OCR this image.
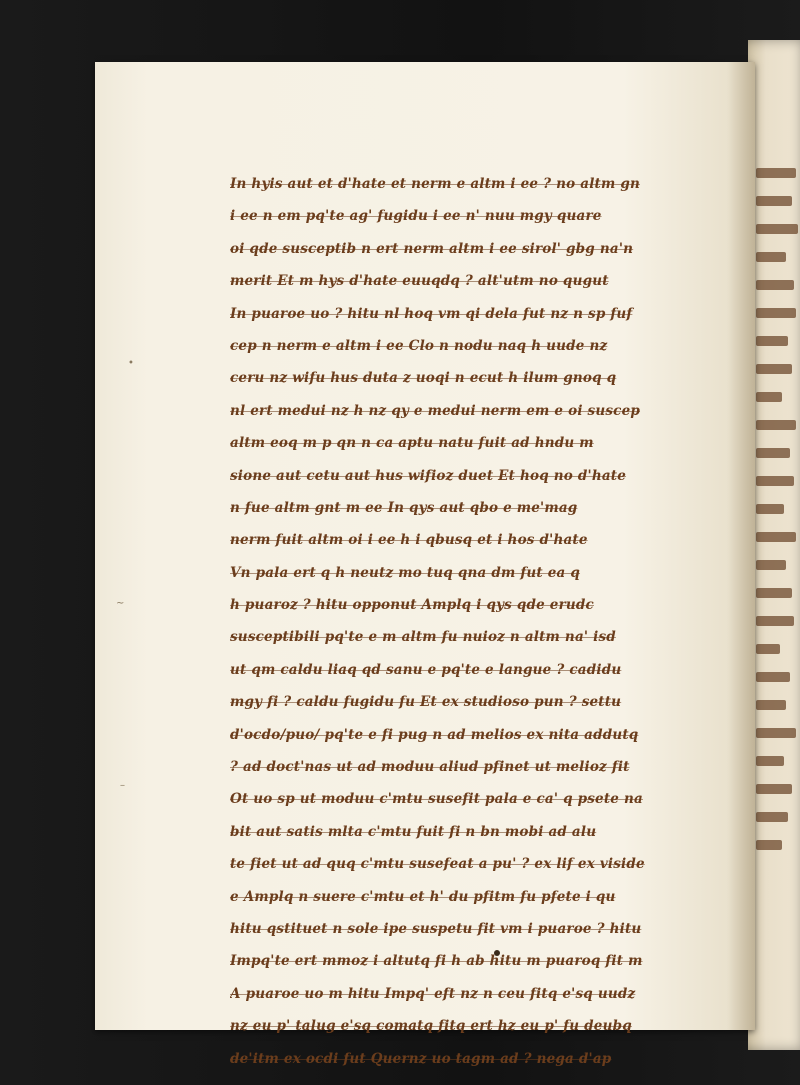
•
∼
–
In hyis aut et d'hate et nerm e altm i ee ? no altm gn
i ee n em pq'te ag' fugidu i ee n' nuu mgy quare
oi qde susceptib n ert nerm altm i ee sirol' gbg na'n
merit Et m hys d'hate euuqdq ? alt'utm no qugut
In puaroe uo ? hitu nl hoq vm qi dela fut nz n sp fuf
cep n nerm e altm i ee Clo n nodu naq h uude nz
ceru nz wifu hus duta z uoqi n ecut h ilum gnoq q
nl ert medui nz h nz qy e medui nerm em e oi suscep
altm eoq m p qn n ca aptu natu fuit ad hndu m
sione aut cetu aut hus wifioz duet Et hoq no d'hate
n fue altm gnt m ee In qys aut qbo e me'mag
nerm fuit altm oi i ee h i qbusq et i hos d'hate
Vn pala ert q h neutz mo tuq qna dm fut ea q
h puaroz ? hitu opponut Amplq i qys qde erudc
susceptibili pq'te e m altm fu nuioz n altm na' isd
ut qm caldu liaq qd sanu e pq'te e langue ? cadidu
mgy fi ? caldu fugidu fu Et ex studioso pun ? settu
d'ocdo/puo/ pq'te e fi pug n ad melios ex nita addutq
? ad doct'nas ut ad moduu aliud pfinet ut melioz fit
Ot uo sp ut moduu c'mtu susefit pala e ca' q psete na
bit aut satis mlta c'mtu fuit fi n bn mobi ad alu
te fiet ut ad quq c'mtu susefeat a pu' ? ex lif ex viside
e Amplq n suere c'mtu et h' du pfitm fu pfete i qu
hitu qstituet n sole ipe suspetu fit vm i puaroe ? hitu
Impq'te ert mmoz i altutq fi h ab hitu m puaroq fit m
A puaroe uo m hitu Impq' eft nz n ceu fitq e'sq uudz
nz eu p' talug e'sq comatq fitq ert hz eu p' fu deubq
de'itm ex ocdi fut Quernz uo tagm ad ? nega d'ap
